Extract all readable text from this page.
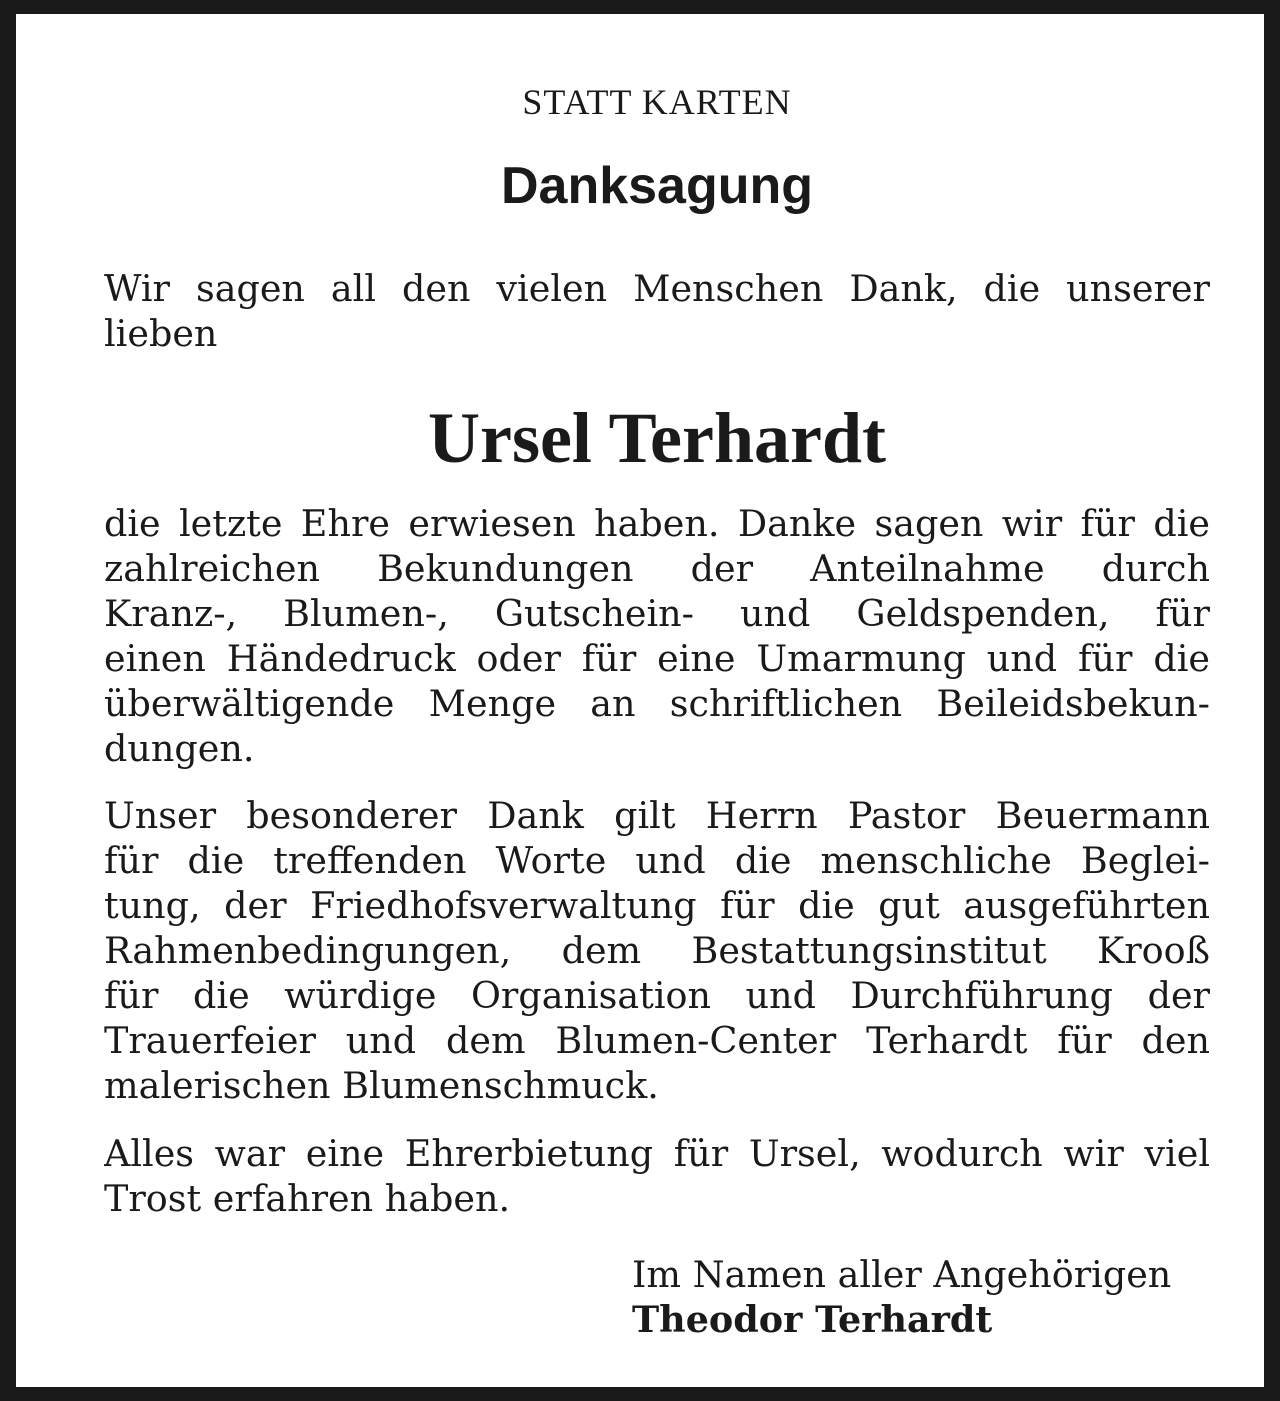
STATT KARTEN
Danksagung
Wir sagen all den vielen Menschen Dank, die unserer
lieben
Ursel Terhardt
die letzte Ehre erwiesen haben. Danke sagen wir für die
zahlreichen Bekundungen der Anteilnahme durch
Kranz-, Blumen-, Gutschein- und Geldspenden, für
einen Händedruck oder für eine Umarmung und für die
überwältigende Menge an schriftlichen Beileidsbekun-
dungen.
Unser besonderer Dank gilt Herrn Pastor Beuermann
für die treffenden Worte und die menschliche Beglei-
tung, der Friedhofsverwaltung für die gut ausgeführten
Rahmenbedingungen, dem Bestattungsinstitut Krooß
für die würdige Organisation und Durchführung der
Trauerfeier und dem Blumen-Center Terhardt für den
malerischen Blumenschmuck.
Alles war eine Ehrerbietung für Ursel, wodurch wir viel
Trost erfahren haben.
Im Namen aller Angehörigen
Theodor Terhardt
